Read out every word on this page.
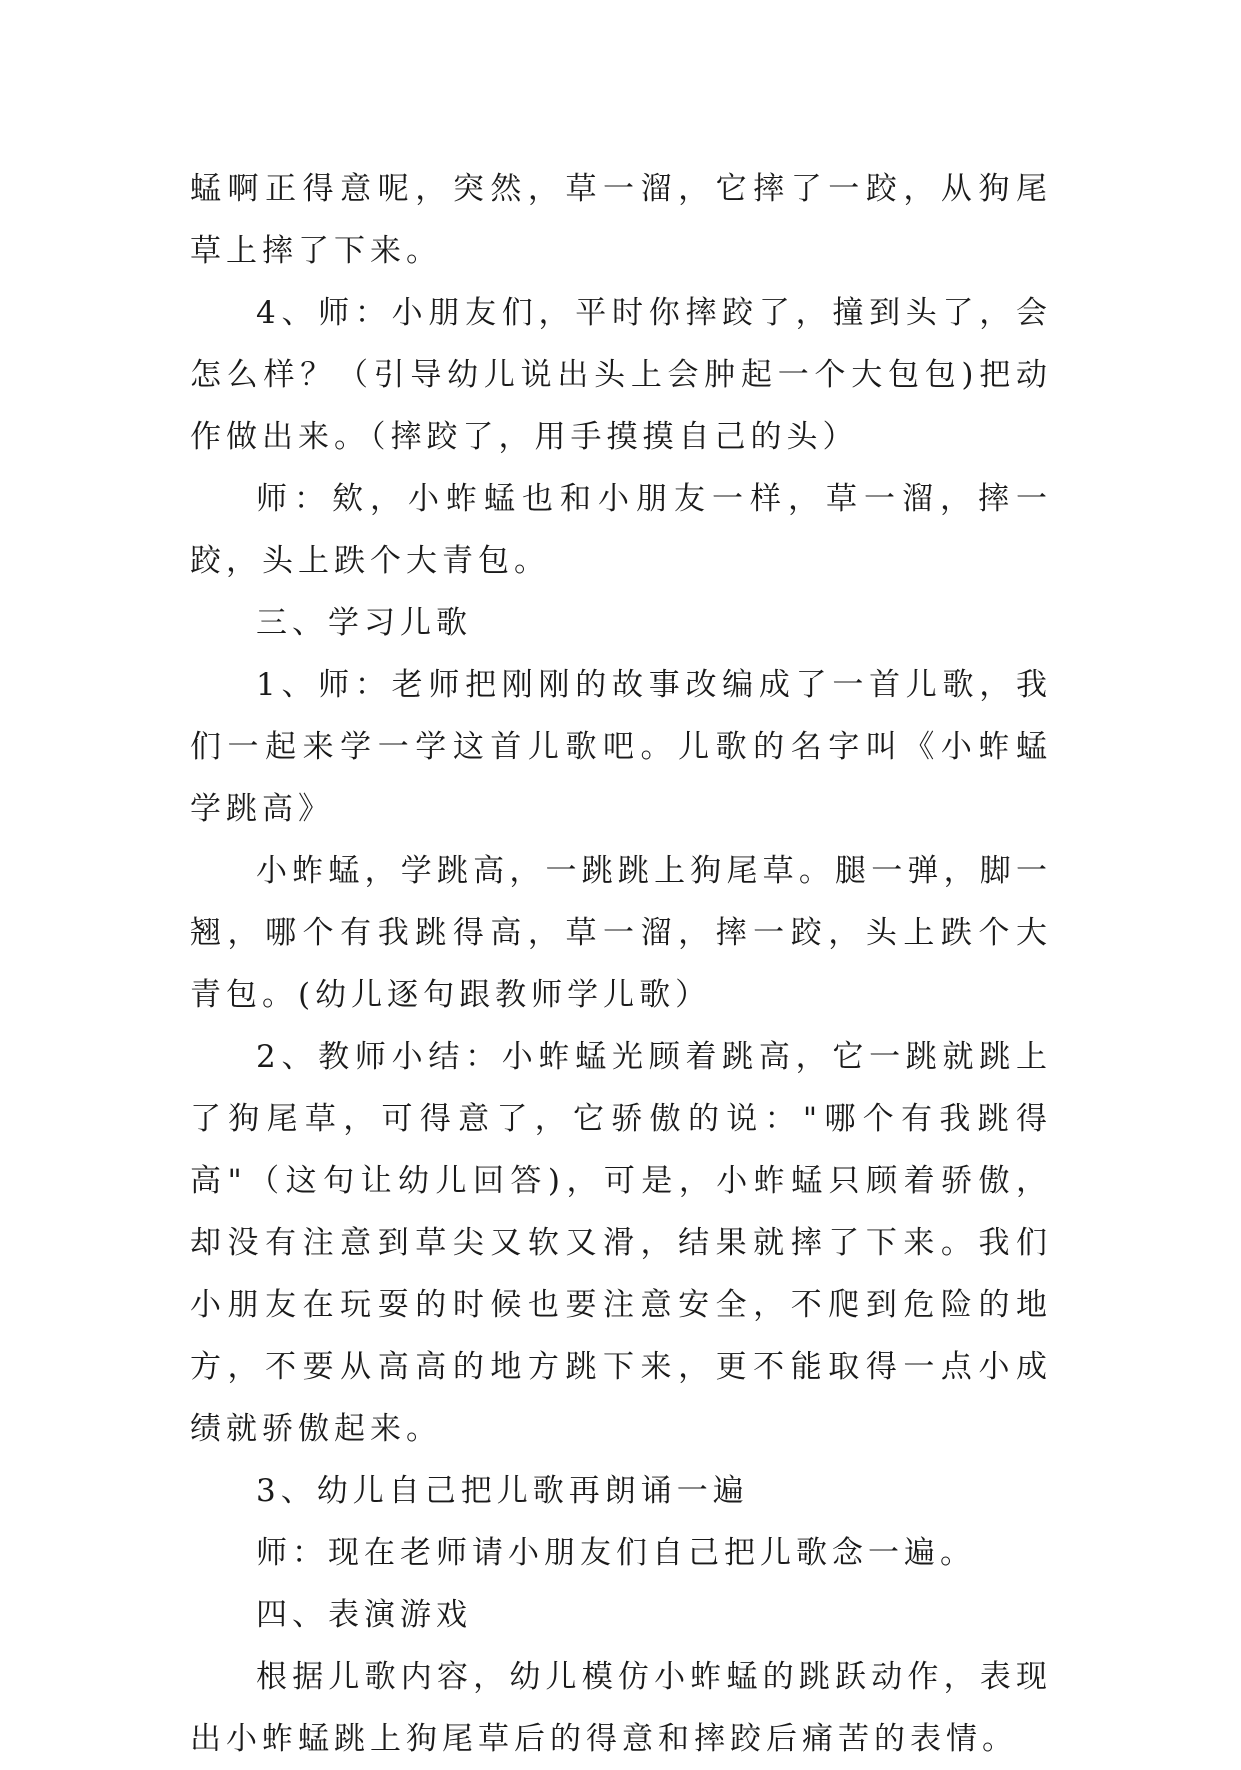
蜢啊正得意呢，突然，草一溜，它摔了一跤，从狗尾草上摔了下来。

4、师：小朋友们，平时你摔跤了，撞到头了，会怎么样？（引导幼儿说出头上会肿起一个大包包)把动作做出来。（摔跤了，用手摸摸自己的头）

师：欸，小蚱蜢也和小朋友一样，草一溜，摔一跤，头上跌个大青包。

三、学习儿歌

1、师：老师把刚刚的故事改编成了一首儿歌，我们一起来学一学这首儿歌吧。儿歌的名字叫《小蚱蜢学跳高》

小蚱蜢，学跳高，一跳跳上狗尾草。腿一弹，脚一翘，哪个有我跳得高，草一溜，摔一跤，头上跌个大青包。(幼儿逐句跟教师学儿歌）

2、教师小结：小蚱蜢光顾着跳高，它一跳就跳上了狗尾草，可得意了，它骄傲的说："哪个有我跳得高"（这句让幼儿回答)，可是，小蚱蜢只顾着骄傲，却没有注意到草尖又软又滑，结果就摔了下来。我们小朋友在玩耍的时候也要注意安全，不爬到危险的地方，不要从高高的地方跳下来，更不能取得一点小成绩就骄傲起来。

3、幼儿自己把儿歌再朗诵一遍

师：现在老师请小朋友们自己把儿歌念一遍。

四、表演游戏

根据儿歌内容，幼儿模仿小蚱蜢的跳跃动作，表现出小蚱蜢跳上狗尾草后的得意和摔跤后痛苦的表情。
